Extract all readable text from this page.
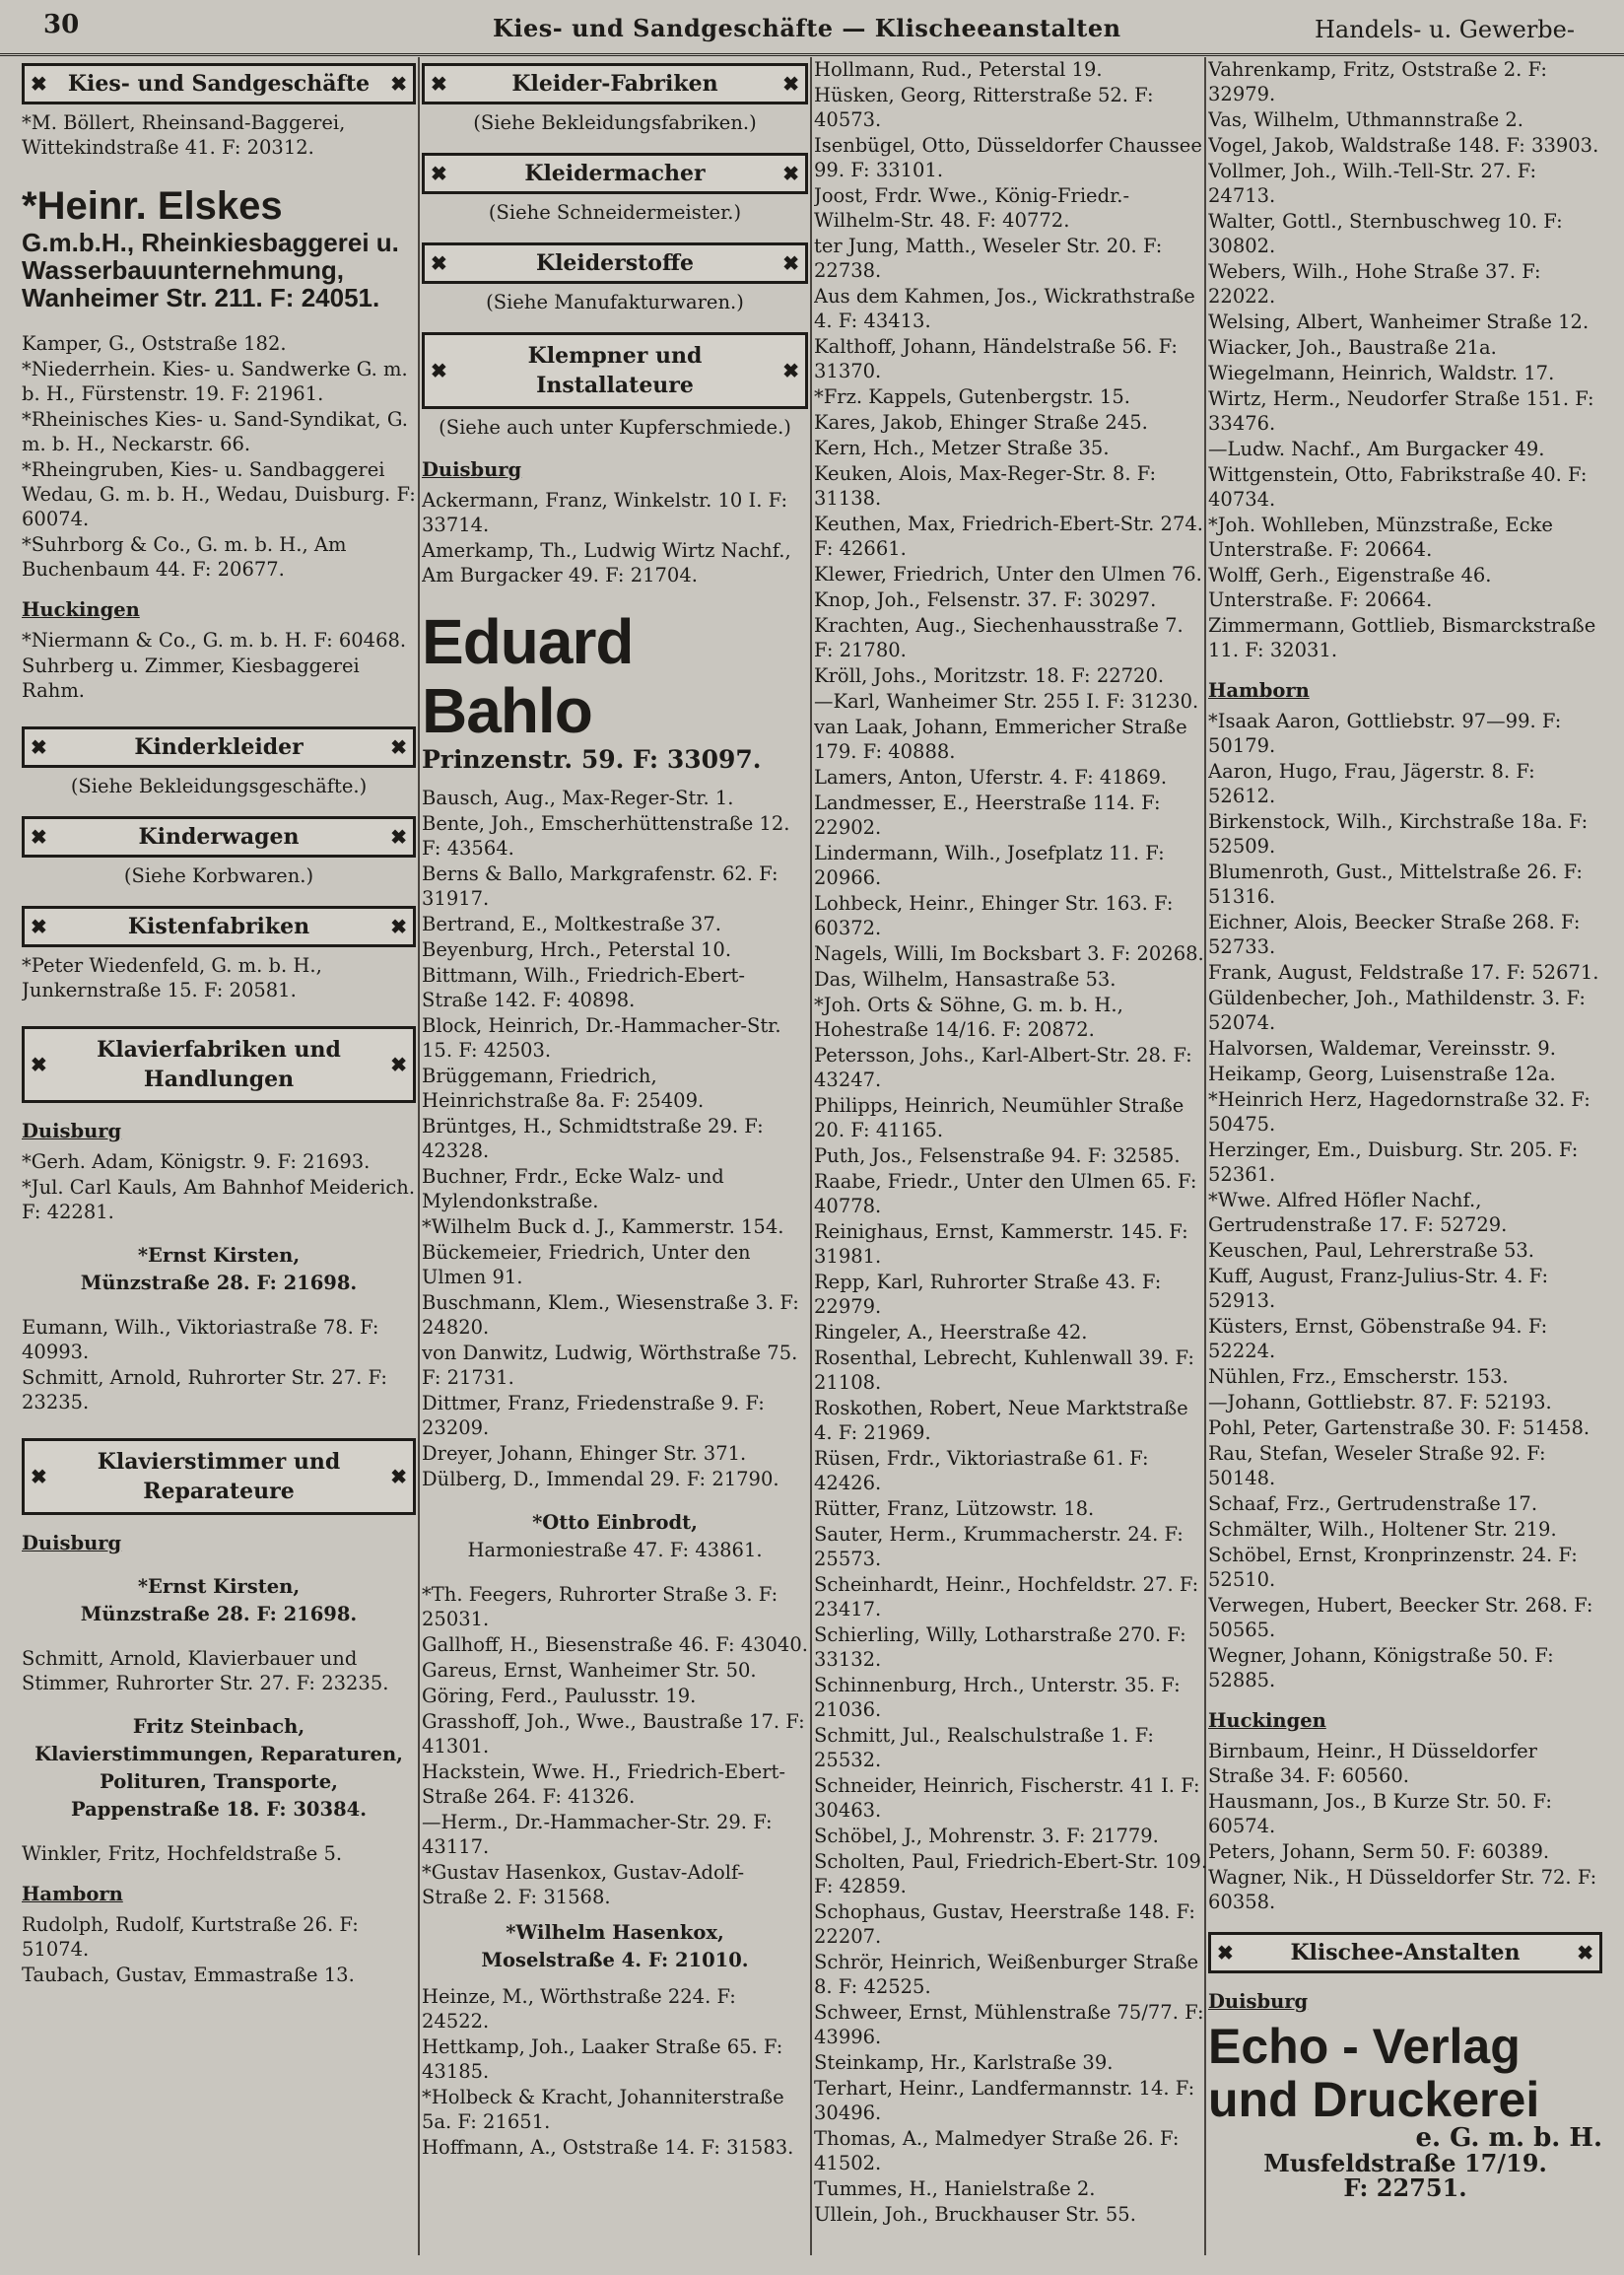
30	Kies- und Sandgeschäfte — Klischeeanstalten	Handels- u. Gewerbe-
✖ Kies- und Sandgeschäfte ✖
*M. Böllert, Rheinsand-Baggerei, Wittekindstraße 41. F: 20312.
*Heinr. Elskes
G.m.b.H., Rheinkiesbaggerei u. Wasserbauunternehmung, Wanheimer Str. 211. F: 24051.
Kamper, G., Oststraße 182.
*Niederrhein. Kies- u. Sandwerke G. m. b. H., Fürstenstr. 19. F: 21961.
*Rheinisches Kies- u. Sand-Syndikat, G. m. b. H., Neckarstr. 66.
*Rheingruben, Kies- u. Sandbaggerei Wedau, G. m. b. H., Wedau, Duisburg. F: 60074.
*Suhrborg & Co., G. m. b. H., Am Buchenbaum 44. F: 20677.
Huckingen
*Niermann & Co., G. m. b. H. F: 60468.
Suhrberg u. Zimmer, Kiesbaggerei Rahm.
✖ Kinderkleider ✖
(Siehe Bekleidungsgeschäfte.)
✖ Kinderwagen ✖
(Siehe Korbwaren.)
✖ Kistenfabriken ✖
*Peter Wiedenfeld, G. m. b. H., Junkernstraße 15. F: 20581.
✖ Klavierfabriken und Handlungen ✖
Duisburg
*Gerh. Adam, Königstr. 9. F: 21693.
*Jul. Carl Kauls, Am Bahnhof Meiderich. F: 42281.
*Ernst Kirsten,
Münzstraße 28. F: 21698.
Eumann, Wilh., Viktoriastraße 78. F: 40993.
Schmitt, Arnold, Ruhrorter Str. 27. F: 23235.
✖ Klavierstimmer und Reparateure ✖
Duisburg
*Ernst Kirsten,
Münzstraße 28. F: 21698.
Schmitt, Arnold, Klavierbauer und Stimmer, Ruhrorter Str. 27. F: 23235.
Fritz Steinbach,
Klavierstimmungen, Reparaturen, Polituren, Transporte,
Pappenstraße 18. F: 30384.
Winkler, Fritz, Hochfeldstraße 5.
Hamborn
Rudolph, Rudolf, Kurtstraße 26. F: 51074.
Taubach, Gustav, Emmastraße 13.
✖ Kleider-Fabriken ✖
(Siehe Bekleidungsfabriken.)
✖ Kleidermacher ✖
(Siehe Schneidermeister.)
✖ Kleiderstoffe ✖
(Siehe Manufakturwaren.)
✖ Klempner und Installateure ✖
(Siehe auch unter Kupferschmiede.)
Duisburg
Ackermann, Franz, Winkelstr. 10 I. F: 33714.
Amerkamp, Th., Ludwig Wirtz Nachf., Am Burgacker 49. F: 21704.
Eduard Bahlo
Prinzenstr. 59. F: 33097.
Bausch, Aug., Max-Reger-Str. 1.
Bente, Joh., Emscherhüttenstraße 12. F: 43564.
Berns & Ballo, Markgrafenstr. 62. F: 31917.
Bertrand, E., Moltkestraße 37.
Beyenburg, Hrch., Peterstal 10.
Bittmann, Wilh., Friedrich-Ebert-Straße 142. F: 40898.
Block, Heinrich, Dr.-Hammacher-Str. 15. F: 42503.
Brüggemann, Friedrich, Heinrichstraße 8a. F: 25409.
Brüntges, H., Schmidtstraße 29. F: 42328.
Buchner, Frdr., Ecke Walz- und Mylendonkstraße.
*Wilhelm Buck d. J., Kammerstr. 154.
Bückemeier, Friedrich, Unter den Ulmen 91.
Buschmann, Klem., Wiesenstraße 3. F: 24820.
von Danwitz, Ludwig, Wörthstraße 75. F: 21731.
Dittmer, Franz, Friedenstraße 9. F: 23209.
Dreyer, Johann, Ehinger Str. 371.
Dülberg, D., Immendal 29. F: 21790.
*Otto Einbrodt,
Harmoniestraße 47. F: 43861.
*Th. Feegers, Ruhrorter Straße 3. F: 25031.
Gallhoff, H., Biesenstraße 46. F: 43040.
Gareus, Ernst, Wanheimer Str. 50.
Göring, Ferd., Paulusstr. 19.
Grasshoff, Joh., Wwe., Baustraße 17. F: 41301.
Hackstein, Wwe. H., Friedrich-Ebert-Straße 264. F: 41326.
—Herm., Dr.-Hammacher-Str. 29. F: 43117.
*Gustav Hasenkox, Gustav-Adolf-Straße 2. F: 31568.
*Wilhelm Hasenkox,
Moselstraße 4. F: 21010.
Heinze, M., Wörthstraße 224. F: 24522.
Hettkamp, Joh., Laaker Straße 65. F: 43185.
*Holbeck & Kracht, Johanniterstraße 5a. F: 21651.
Hoffmann, A., Oststraße 14. F: 31583.
Hollmann, Rud., Peterstal 19.
Hüsken, Georg, Ritterstraße 52. F: 40573.
Isenbügel, Otto, Düsseldorfer Chaussee 99. F: 33101.
Joost, Frdr. Wwe., König-Friedr.-Wilhelm-Str. 48. F: 40772.
ter Jung, Matth., Weseler Str. 20. F: 22738.
Aus dem Kahmen, Jos., Wickrathstraße 4. F: 43413.
Kalthoff, Johann, Händelstraße 56. F: 31370.
*Frz. Kappels, Gutenbergstr. 15.
Kares, Jakob, Ehinger Straße 245.
Kern, Hch., Metzer Straße 35.
Keuken, Alois, Max-Reger-Str. 8. F: 31138.
Keuthen, Max, Friedrich-Ebert-Str. 274. F: 42661.
Klewer, Friedrich, Unter den Ulmen 76.
Knop, Joh., Felsenstr. 37. F: 30297.
Krachten, Aug., Siechenhausstraße 7. F: 21780.
Kröll, Johs., Moritzstr. 18. F: 22720.
—Karl, Wanheimer Str. 255 I. F: 31230.
van Laak, Johann, Emmericher Straße 179. F: 40888.
Lamers, Anton, Uferstr. 4. F: 41869.
Landmesser, E., Heerstraße 114. F: 22902.
Lindermann, Wilh., Josefplatz 11. F: 20966.
Lohbeck, Heinr., Ehinger Str. 163. F: 60372.
Nagels, Willi, Im Bocksbart 3. F: 20268.
Das, Wilhelm, Hansastraße 53.
*Joh. Orts & Söhne, G. m. b. H., Hohestraße 14/16. F: 20872.
Petersson, Johs., Karl-Albert-Str. 28. F: 43247.
Philipps, Heinrich, Neumühler Straße 20. F: 41165.
Puth, Jos., Felsenstraße 94. F: 32585.
Raabe, Friedr., Unter den Ulmen 65. F: 40778.
Reinighaus, Ernst, Kammerstr. 145. F: 31981.
Repp, Karl, Ruhrorter Straße 43. F: 22979.
Ringeler, A., Heerstraße 42.
Rosenthal, Lebrecht, Kuhlenwall 39. F: 21108.
Roskothen, Robert, Neue Marktstraße 4. F: 21969.
Rüsen, Frdr., Viktoriastraße 61. F: 42426.
Rütter, Franz, Lützowstr. 18.
Sauter, Herm., Krummacherstr. 24. F: 25573.
Scheinhardt, Heinr., Hochfeldstr. 27. F: 23417.
Schierling, Willy, Lotharstraße 270. F: 33132.
Schinnenburg, Hrch., Unterstr. 35. F: 21036.
Schmitt, Jul., Realschulstraße 1. F: 25532.
Schneider, Heinrich, Fischerstr. 41 I. F: 30463.
Schöbel, J., Mohrenstr. 3. F: 21779.
Scholten, Paul, Friedrich-Ebert-Str. 109. F: 42859.
Schophaus, Gustav, Heerstraße 148. F: 22207.
Schrör, Heinrich, Weißenburger Straße 8. F: 42525.
Schweer, Ernst, Mühlenstraße 75/77. F: 43996.
Steinkamp, Hr., Karlstraße 39.
Terhart, Heinr., Landfermannstr. 14. F: 30496.
Thomas, A., Malmedyer Straße 26. F: 41502.
Tummes, H., Hanielstraße 2.
Ullein, Joh., Bruckhauser Str. 55.
Vahrenkamp, Fritz, Oststraße 2. F: 32979.
Vas, Wilhelm, Uthmannstraße 2.
Vogel, Jakob, Waldstraße 148. F: 33903.
Vollmer, Joh., Wilh.-Tell-Str. 27. F: 24713.
Walter, Gottl., Sternbuschweg 10. F: 30802.
Webers, Wilh., Hohe Straße 37. F: 22022.
Welsing, Albert, Wanheimer Straße 12.
Wiacker, Joh., Baustraße 21a.
Wiegelmann, Heinrich, Waldstr. 17.
Wirtz, Herm., Neudorfer Straße 151. F: 33476.
—Ludw. Nachf., Am Burgacker 49.
Wittgenstein, Otto, Fabrikstraße 40. F: 40734.
*Joh. Wohlleben, Münzstraße, Ecke Unterstraße. F: 20664.
Wolff, Gerh., Eigenstraße 46. Unterstraße. F: 20664.
Zimmermann, Gottlieb, Bismarckstraße 11. F: 32031.
Hamborn
*Isaak Aaron, Gottliebstr. 97—99. F: 50179.
Aaron, Hugo, Frau, Jägerstr. 8. F: 52612.
Birkenstock, Wilh., Kirchstraße 18a. F: 52509.
Blumenroth, Gust., Mittelstraße 26. F: 51316.
Eichner, Alois, Beecker Straße 268. F: 52733.
Frank, August, Feldstraße 17. F: 52671.
Güldenbecher, Joh., Mathildenstr. 3. F: 52074.
Halvorsen, Waldemar, Vereinsstr. 9.
Heikamp, Georg, Luisenstraße 12a.
*Heinrich Herz, Hagedornstraße 32. F: 50475.
Herzinger, Em., Duisburg. Str. 205. F: 52361.
*Wwe. Alfred Höfler Nachf., Gertrudenstraße 17. F: 52729.
Keuschen, Paul, Lehrerstraße 53.
Kuff, August, Franz-Julius-Str. 4. F: 52913.
Küsters, Ernst, Göbenstraße 94. F: 52224.
Nühlen, Frz., Emscherstr. 153.
—Johann, Gottliebstr. 87. F: 52193.
Pohl, Peter, Gartenstraße 30. F: 51458.
Rau, Stefan, Weseler Straße 92. F: 50148.
Schaaf, Frz., Gertrudenstraße 17.
Schmälter, Wilh., Holtener Str. 219.
Schöbel, Ernst, Kronprinzenstr. 24. F: 52510.
Verwegen, Hubert, Beecker Str. 268. F: 50565.
Wegner, Johann, Königstraße 50. F: 52885.
Huckingen
Birnbaum, Heinr., H Düsseldorfer Straße 34. F: 60560.
Hausmann, Jos., B Kurze Str. 50. F: 60574.
Peters, Johann, Serm 50. F: 60389.
Wagner, Nik., H Düsseldorfer Str. 72. F: 60358.
✖ Klischee-Anstalten ✖
Duisburg
Echo - Verlag und Druckerei
e. G. m. b. H.
Musfeldstraße 17/19.
F: 22751.
